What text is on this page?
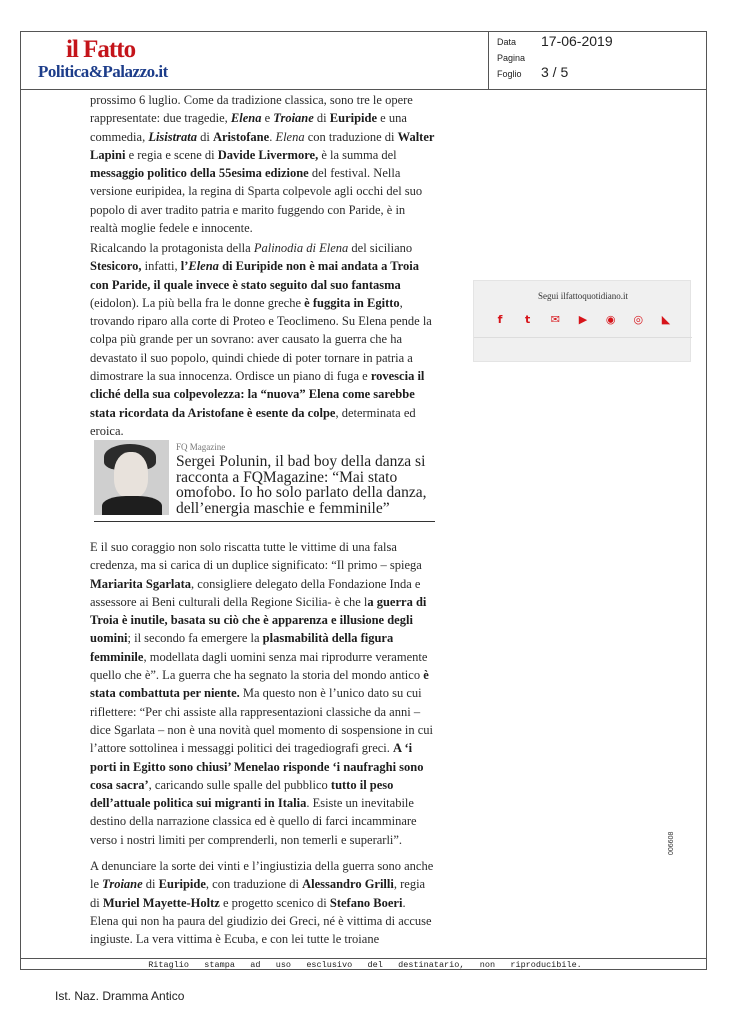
il Fatto
Politica&Palazzo.it
Data 17-06-2019
Pagina
Foglio 3 / 5

prossimo 6 luglio. Come da tradizione classica, sono tre le opere rappresentate: due tragedie, Elena e Troiane di Euripide e una commedia, Lisistrata di Aristofane. Elena con traduzione di Walter Lapini e regia e scene di Davide Livermore, è la summa del messaggio politico della 55esima edizione del festival. Nella versione euripidea, la regina di Sparta colpevole agli occhi del suo popolo di aver tradito patria e marito fuggendo con Paride, è in realtà moglie fedele e innocente.

Ricalcando la protagonista della Palinodia di Elena del siciliano Stesicoro, infatti, l’Elena di Euripide non è mai andata a Troia con Paride, il quale invece è stato seguito dal suo fantasma (eidolon). La più bella fra le donne greche è fuggita in Egitto, trovando riparo alla corte di Proteo e Teoclimeno. Su Elena pende la colpa più grande per un sovrano: aver causato la guerra che ha devastato il suo popolo, quindi chiede di poter tornare in patria a dimostrare la sua innocenza. Ordisce un piano di fuga e rovescia il cliché della sua colpevolezza: la “nuova” Elena come sarebbe stata ricordata da Aristofane è esente da colpe, determinata ed eroica.

E il suo coraggio non solo riscatta tutte le vittime di una falsa credenza, ma si carica di un duplice significato: “Il primo – spiega Mariarita Sgarlata, consigliere delegato della Fondazione Inda e assessore ai Beni culturali della Regione Sicilia- è che la guerra di Troia è inutile, basata su ciò che è apparenza e illusione degli uomini; il secondo fa emergere la plasmabilità della figura femminile, modellata dagli uomini senza mai riprodurre veramente quello che è”. La guerra che ha segnato la storia del mondo antico è stata combattuta per niente. Ma questo non è l’unico dato su cui riflettere: “Per chi assiste alla rappresentazioni classiche da anni – dice Sgarlata – non è una novità quel momento di sospensione in cui l’attore sottolinea i messaggi politici dei tragediografi greci. A ‘i porti in Egitto sono chiusi’ Menelao risponde ‘i naufraghi sono cosa sacra’, caricando sulle spalle del pubblico tutto il peso dell’attuale politica sui migranti in Italia. Esiste un inevitabile destino della narrazione classica ed è quello di farci incamminare verso i nostri limiti per comprenderli, non temerli e superarli”.

A denunciare la sorte dei vinti e l’ingiustizia della guerra sono anche le Troiane di Euripide, con traduzione di Alessandro Grilli, regia di Muriel Mayette-Holtz e progetto scenico di Stefano Boeri. Elena qui non ha paura del giudizio dei Greci, né è vittima di accuse ingiuste. La vera vittima è Ecuba, e con lei tutte le troiane

FQ Magazine
Sergei Polunin, il bad boy della danza si racconta a FQMagazine: “Mai stato omofobo. Io ho solo parlato della danza, dell’energia maschie e femminile”
Segui ilfattoquotidiano.it
f	t	✉ ▶ ◉ ◎ ◣
006608
Ritaglio   stampa   ad   uso   esclusivo   del   destinatario,   non   riproducibile.
Ist. Naz. Dramma Antico
